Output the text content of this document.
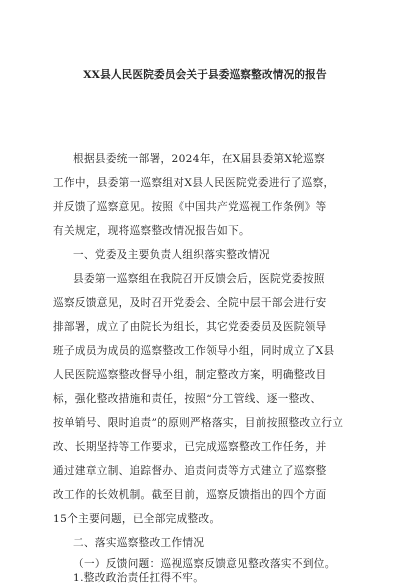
XX县人民医院委员会关于县委巡察整改情况的报告
根据县委统一部署，2024年，在X届县委第X轮巡察
工作中，县委第一巡察组对X县人民医院党委进行了巡察，
并反馈了巡察意见。按照《中国共产党巡视工作条例》等
有关规定，现将巡察整改情况报告如下。
一、党委及主要负责人组织落实整改情况
县委第一巡察组在我院召开反馈会后，医院党委按照
巡察反馈意见，及时召开党委会、全院中层干部会进行安
排部署，成立了由院长为组长，其它党委委员及医院领导
班子成员为成员的巡察整改工作领导小组，同时成立了X县
人民医院巡察整改督导小组，制定整改方案，明确整改目
标，强化整改措施和责任，按照“分工管线、逐一整改、
按单销号、限时追责”的原则严格落实，目前按照整改立行立
改、长期坚持等工作要求，已完成巡察整改工作任务，并
通过建章立制、追踪督办、追责问责等方式建立了巡察整
改工作的长效机制。截至目前，巡察反馈指出的四个方面
15个主要问题，已全部完成整改。
二、落实巡察整改工作情况
（一）反馈问题：巡视巡察反馈意见整改落实不到位。
1.整改政治责任扛得不牢。
